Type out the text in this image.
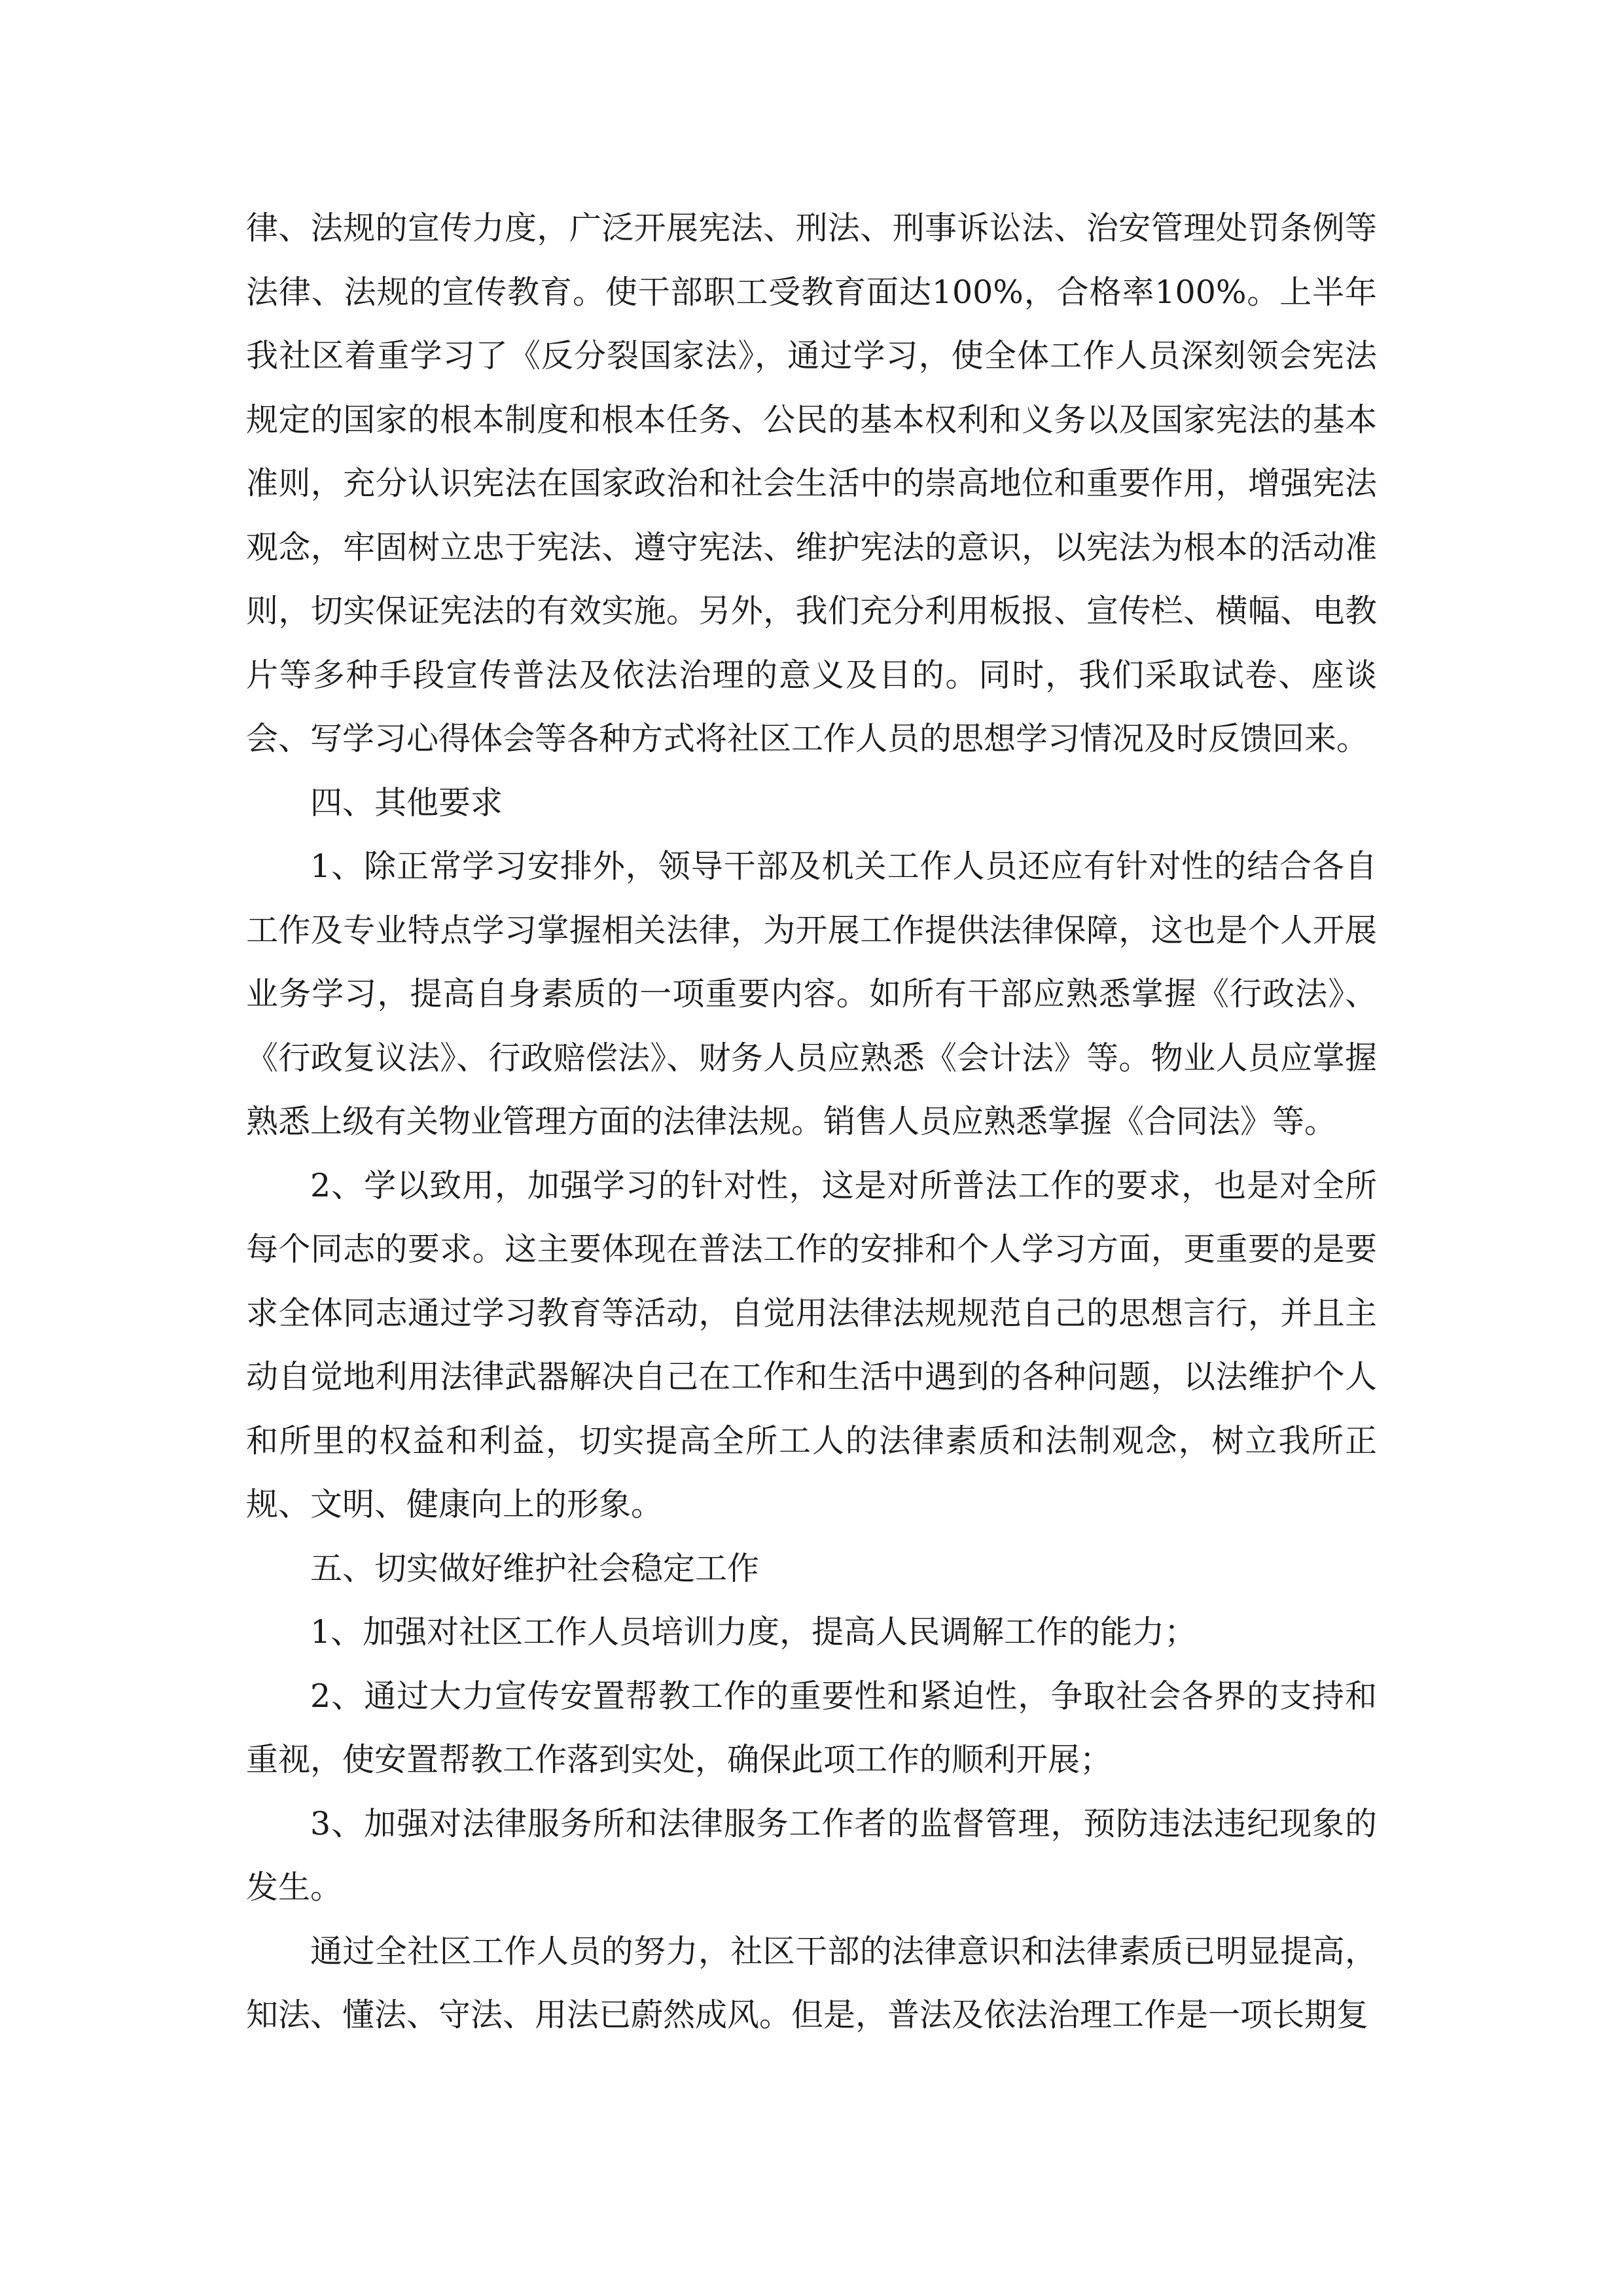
律、法规的宣传力度，广泛开展宪法、刑法、刑事诉讼法、治安管理处罚条例等法律、法规的宣传教育。使干部职工受教育面达100%，合格率100%。上半年我社区着重学习了《反分裂国家法》，通过学习，使全体工作人员深刻领会宪法规定的国家的根本制度和根本任务、公民的基本权利和义务以及国家宪法的基本准则，充分认识宪法在国家政治和社会生活中的崇高地位和重要作用，增强宪法观念，牢固树立忠于宪法、遵守宪法、维护宪法的意识，以宪法为根本的活动准则，切实保证宪法的有效实施。另外，我们充分利用板报、宣传栏、横幅、电教片等多种手段宣传普法及依法治理的意义及目的。同时，我们采取试卷、座谈会、写学习心得体会等各种方式将社区工作人员的思想学习情况及时反馈回来。

四、其他要求

1、除正常学习安排外，领导干部及机关工作人员还应有针对性的结合各自工作及专业特点学习掌握相关法律，为开展工作提供法律保障，这也是个人开展业务学习，提高自身素质的一项重要内容。如所有干部应熟悉掌握《行政法》、《行政复议法》、行政赔偿法》、财务人员应熟悉《会计法》等。物业人员应掌握熟悉上级有关物业管理方面的法律法规。销售人员应熟悉掌握《合同法》等。

2、学以致用，加强学习的针对性，这是对所普法工作的要求，也是对全所每个同志的要求。这主要体现在普法工作的安排和个人学习方面，更重要的是要求全体同志通过学习教育等活动，自觉用法律法规规范自己的思想言行，并且主动自觉地利用法律武器解决自己在工作和生活中遇到的各种问题，以法维护个人和所里的权益和利益，切实提高全所工人的法律素质和法制观念，树立我所正规、文明、健康向上的形象。

五、切实做好维护社会稳定工作

1、加强对社区工作人员培训力度，提高人民调解工作的能力；

2、通过大力宣传安置帮教工作的重要性和紧迫性，争取社会各界的支持和重视，使安置帮教工作落到实处，确保此项工作的顺利开展；

3、加强对法律服务所和法律服务工作者的监督管理，预防违法违纪现象的发生。

通过全社区工作人员的努力，社区干部的法律意识和法律素质已明显提高，知法、懂法、守法、用法已蔚然成风。但是，普法及依法治理工作是一项长期复
